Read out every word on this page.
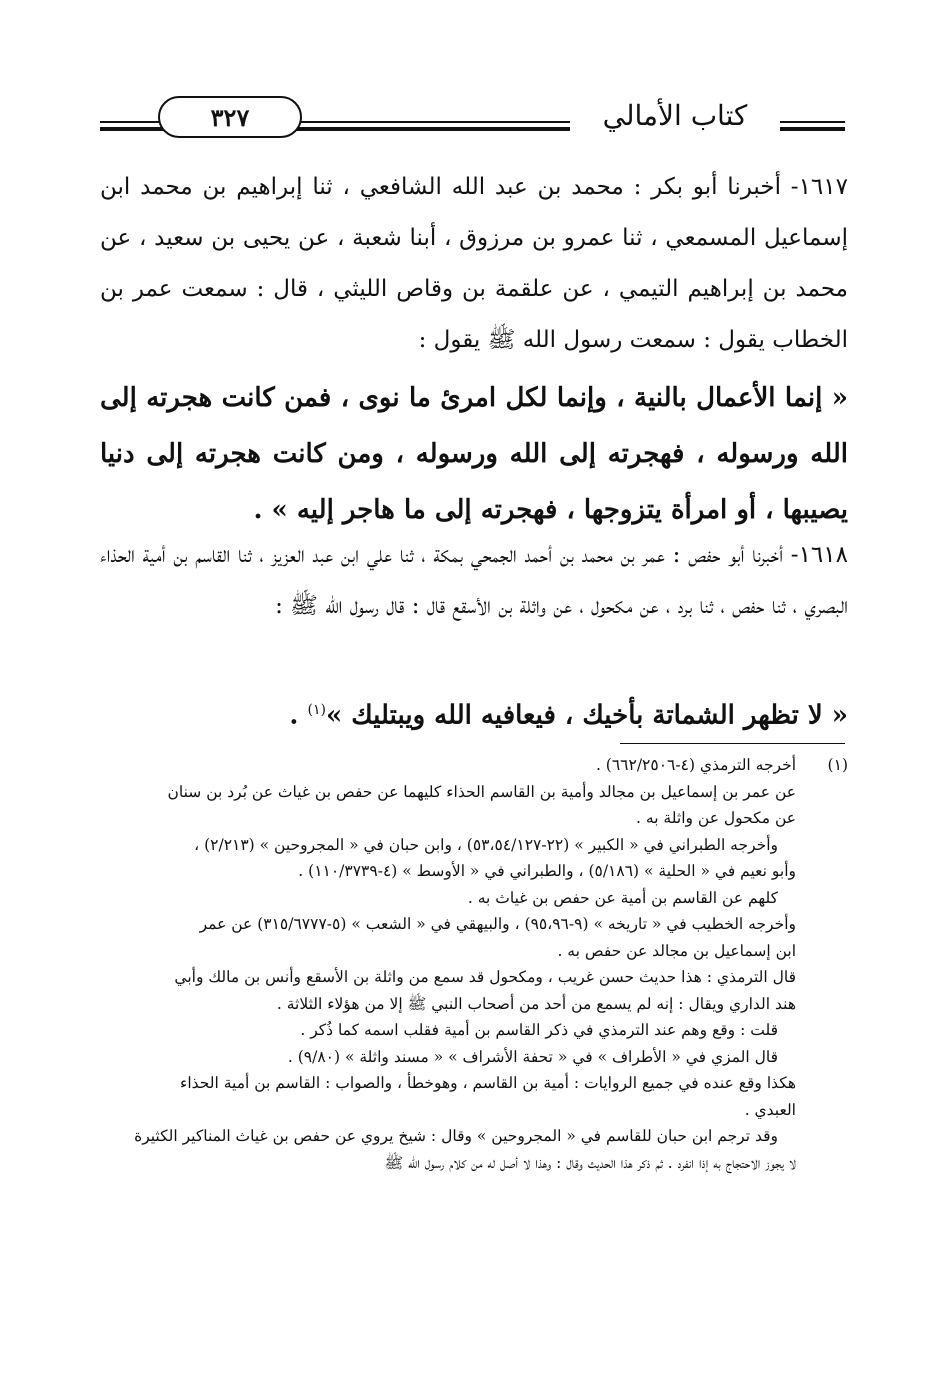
٣٢٧	كتاب الأمالي
١٦١٧- أخبرنا أبو بكر : محمد بن عبد الله الشافعي ، ثنا إبراهيم بن محمد ابن إسماعيل المسمعي ، ثنا عمرو بن مرزوق ، أبنا شعبة ، عن يحيى بن سعيد ، عن محمد بن إبراهيم التيمي ، عن علقمة بن وقاص الليثي ، قال : سمعت عمر بن الخطاب يقول : سمعت رسول الله ﷺ يقول :
« إنما الأعمال بالنية ، وإنما لكل امرئ ما نوى ، فمن كانت هجرته إلى الله ورسوله ، فهجرته إلى الله ورسوله ، ومن كانت هجرته إلى دنيا يصيبها ، أو امرأة يتزوجها ، فهجرته إلى ما هاجر إليه » .
١٦١٨- أخبرنا أبو حفص : عمر بن محمد بن أحمد الجمحي بمكة ، ثنا علي ابن عبد العزيز ، ثنا القاسم بن أمية الحذاء البصري ، ثنا حفص ، ثنا برد ، عن مكحول ، عن واثلة بن الأسقع قال : قال رسول الله ﷺ :
« لا تظهر الشماتة بأخيك ، فيعافيه الله ويبتليك »$^{(١)}$ .
(١)
أخرجه الترمذي (٤-٦٦٢/٢٥٠٦) .
عن عمر بن إسماعيل بن مجالد وأمية بن القاسم الحذاء كليهما عن حفص بن غياث عن بُرد بن سنان
عن مكحول عن واثلة به .
وأخرجه الطبراني في « الكبير » (٢٢-٥٣،٥٤/١٢٧) ، وابن حبان في « المجروحين » (٢/٢١٣) ،
وأبو نعيم في « الحلية » (٥/١٨٦) ، والطبراني في « الأوسط » (٤-١١٠/٣٧٣٩) .
كلهم عن القاسم بن أمية عن حفص بن غياث به .
وأخرجه الخطيب في « تاريخه » (٩-٩٥،٩٦) ، والبيهقي في « الشعب » (٥-٣١٥/٦٧٧٧) عن عمر
ابن إسماعيل بن مجالد عن حفص به .
قال الترمذي : هذا حديث حسن غريب ، ومكحول قد سمع من واثلة بن الأسقع وأنس بن مالك وأبي
هند الداري ويقال : إنه لم يسمع من أحد من أصحاب النبي ﷺ إلا من هؤلاء الثلاثة .
قلت : وقع وهم عند الترمذي في ذكر القاسم بن أمية فقلب اسمه كما ذُكر .
قال المزي في « الأطراف » في « تحفة الأشراف » « مسند واثلة » (٩/٨٠) .
هكذا وقع عنده في جميع الروايات : أمية بن القاسم ، وهوخطأ ، والصواب : القاسم بن أمية الحذاء
العبدي .
وقد ترجم ابن حبان للقاسم في « المجروحين » وقال : شيخ يروي عن حفص بن غياث المناكير الكثيرة
لا يجوز الاحتجاج به إذا انفرد . ثم ذكر هذا الحديث وقال : وهذا لا أصل له من كلام رسول الله ﷺ
